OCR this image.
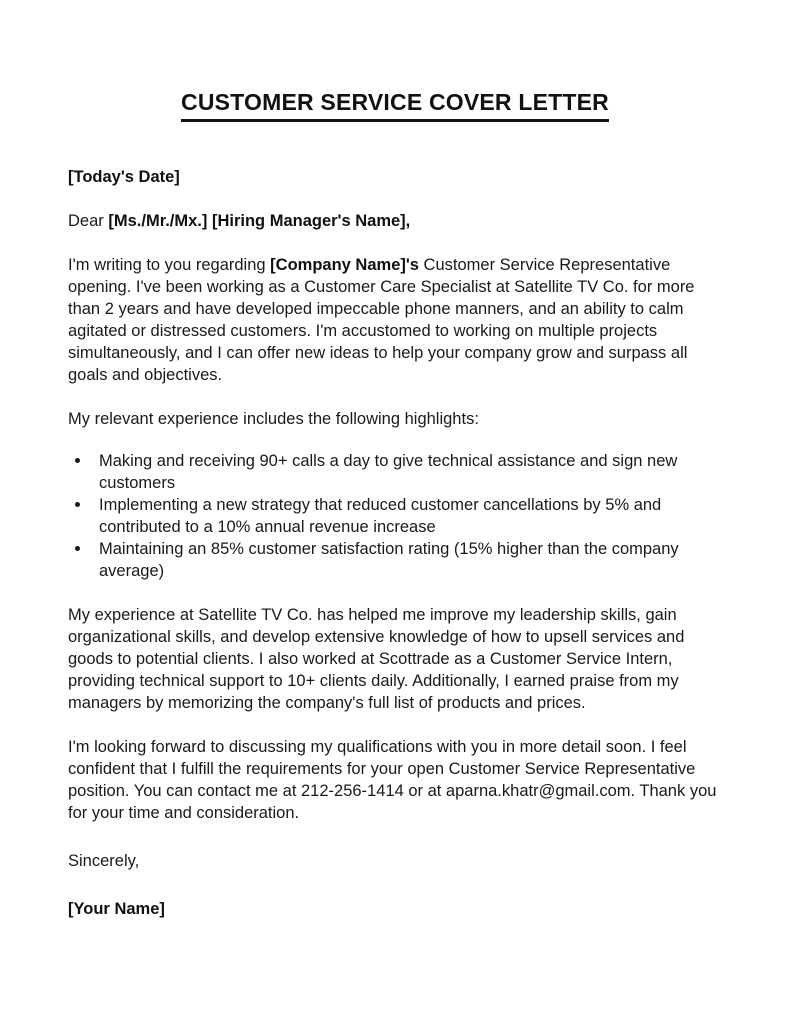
CUSTOMER SERVICE COVER LETTER
[Today's Date]
Dear [Ms./Mr./Mx.] [Hiring Manager's Name],

I'm writing to you regarding [Company Name]'s Customer Service Representative opening. I've been working as a Customer Care Specialist at Satellite TV Co. for more than 2 years and have developed impeccable phone manners, and an ability to calm agitated or distressed customers. I'm accustomed to working on multiple projects simultaneously, and I can offer new ideas to help your company grow and surpass all goals and objectives.

My relevant experience includes the following highlights:

Making and receiving 90+ calls a day to give technical assistance and sign new customers
Implementing a new strategy that reduced customer cancellations by 5% and contributed to a 10% annual revenue increase
Maintaining an 85% customer satisfaction rating (15% higher than the company average)

My experience at Satellite TV Co. has helped me improve my leadership skills, gain organizational skills, and develop extensive knowledge of how to upsell services and goods to potential clients. I also worked at Scottrade as a Customer Service Intern, providing technical support to 10+ clients daily. Additionally, I earned praise from my managers by memorizing the company's full list of products and prices.

I'm looking forward to discussing my qualifications with you in more detail soon. I feel confident that I fulfill the requirements for your open Customer Service Representative position. You can contact me at 212-256-1414 or at aparna.khatr@gmail.com. Thank you for your time and consideration.

Sincerely,
[Your Name]
